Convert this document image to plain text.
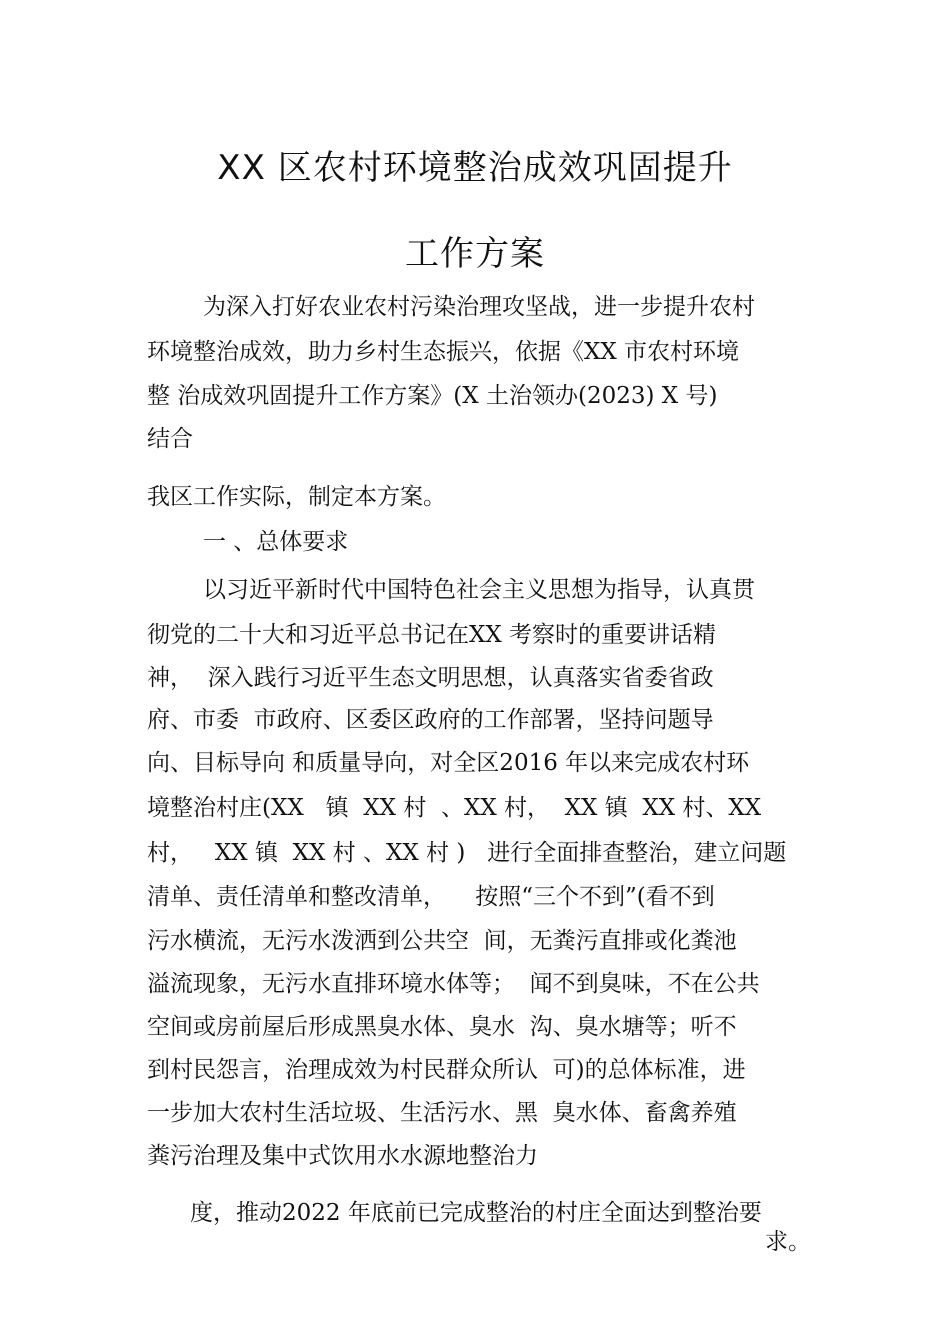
XX 区农村环境整治成效巩固提升
工作方案
为深入打好农业农村污染治理攻坚战，进一步提升农村
环境整治成效，助力乡村生态振兴，依据《XX 市农村环境
整 治成效巩固提升工作方案》(X 土治领办(2023) X 号)
结合
我区工作实际，制定本方案。
一 、总体要求
以习近平新时代中国特色社会主义思想为指导，认真贯
彻党的二十大和习近平总书记在XX 考察时的重要讲话精
神，  深入践行习近平生态文明思想，认真落实省委省政
府、市委  市政府、区委区政府的工作部署，坚持问题导
向、目标导向 和质量导向，对全区2016 年以来完成农村环
境整治村庄(XX   镇  XX 村  、XX 村，  XX 镇  XX 村、XX
村，   XX 镇  XX 村 、XX 村 )   进行全面排查整治，建立问题
清单、责任清单和整改清单，    按照“三个不到”(看不到
污水横流，无污水泼洒到公共空  间，无粪污直排或化粪池
溢流现象，无污水直排环境水体等；  闻不到臭味，不在公共
空间或房前屋后形成黑臭水体、臭水  沟、臭水塘等；听不
到村民怨言，治理成效为村民群众所认  可)的总体标准，进
一步加大农村生活垃圾、生活污水、黑  臭水体、畜禽养殖
粪污治理及集中式饮用水水源地整治力
度，推动2022 年底前已完成整治的村庄全面达到整治要
求。
